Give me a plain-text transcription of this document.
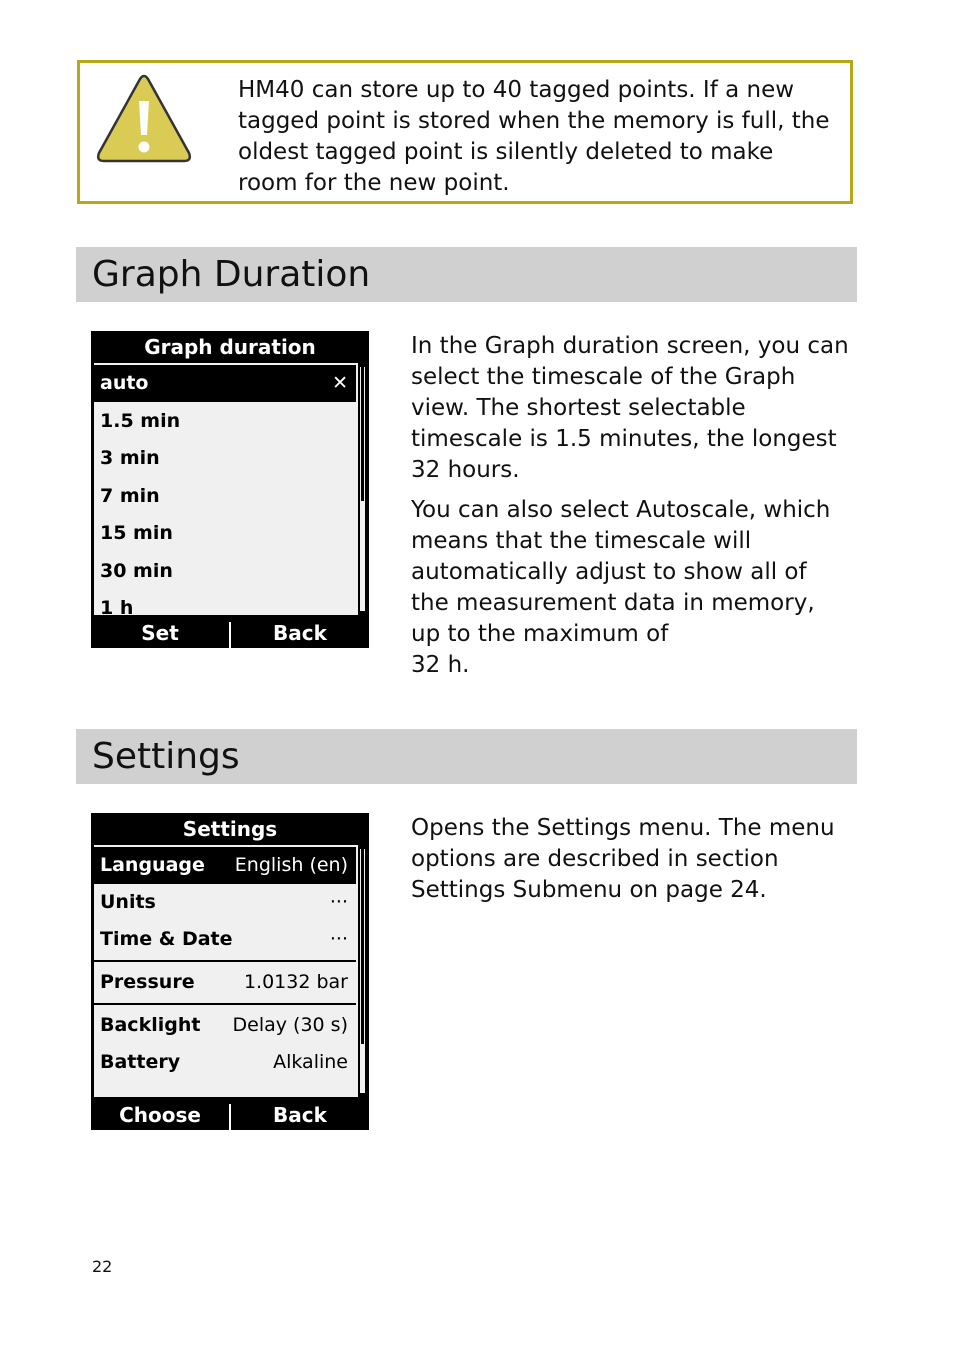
HM40 can store up to 40 tagged points. If a new tagged point is stored when the memory is full, the oldest tagged point is silently deleted to make room for the new point.
Graph Duration
Graph duration
auto	✕
1.5 min
3 min
7 min
15 min
30 min
1 h
Set	Back

In the Graph duration screen, you can select the timescale of the Graph view. The shortest selectable timescale is 1.5 minutes, the longest 32 hours.

You can also select Autoscale, which means that the timescale will automatically adjust to show all of the measurement data in memory, up to the maximum of
32 h.

Settings
Settings
Language English (en)
Units	···
Time & Date	···
Pressure	1.0132 bar
Backlight Delay (30 s)
Battery	Alkaline
Choose	Back

Opens the Settings menu. The menu options are described in section Settings Submenu on page 24.

22
